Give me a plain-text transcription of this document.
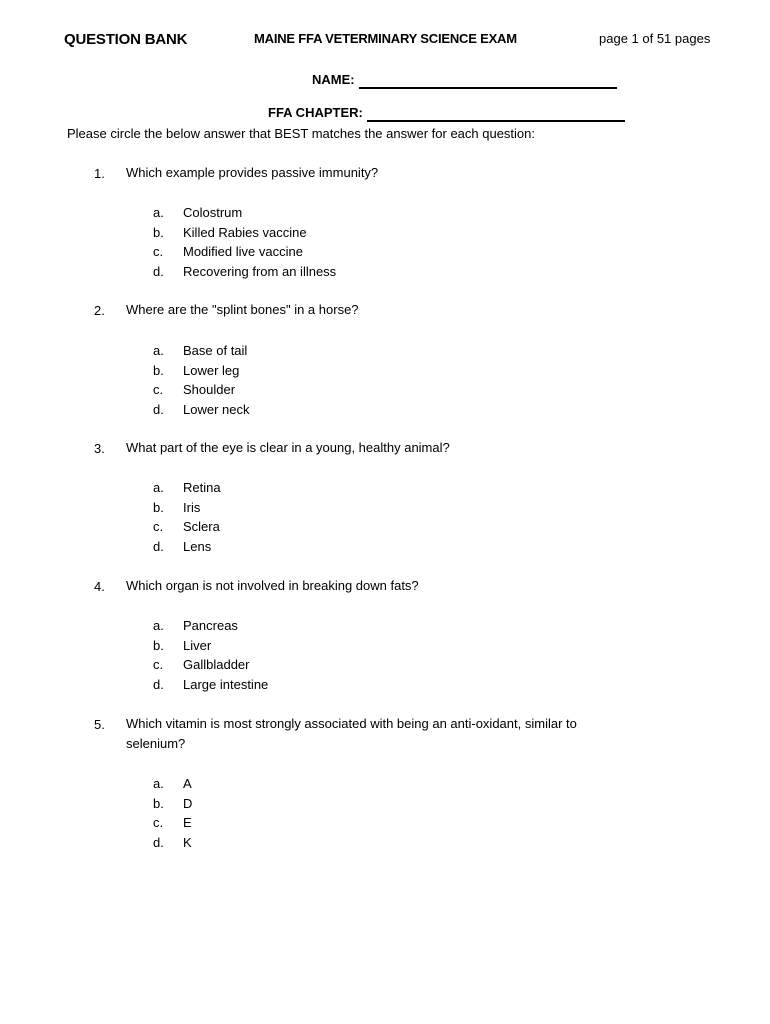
QUESTION BANK	MAINE FFA VETERMINARY SCIENCE EXAM	page 1 of 51 pages
NAME:
FFA CHAPTER:
Please circle the below answer that BEST matches the answer for each question:
1. Which example provides passive immunity?
a. Colostrum
b. Killed Rabies vaccine
c. Modified live vaccine
d. Recovering from an illness
2. Where are the "splint bones" in a horse?
a. Base of tail
b. Lower leg
c. Shoulder
d. Lower neck
3. What part of the eye is clear in a young, healthy animal?
a. Retina
b. Iris
c. Sclera
d. Lens
4. Which organ is not involved in breaking down fats?
a. Pancreas
b. Liver
c. Gallbladder
d. Large intestine
5. Which vitamin is most strongly associated with being an anti-oxidant, similar to selenium?
a. A
b. D
c. E
d. K
